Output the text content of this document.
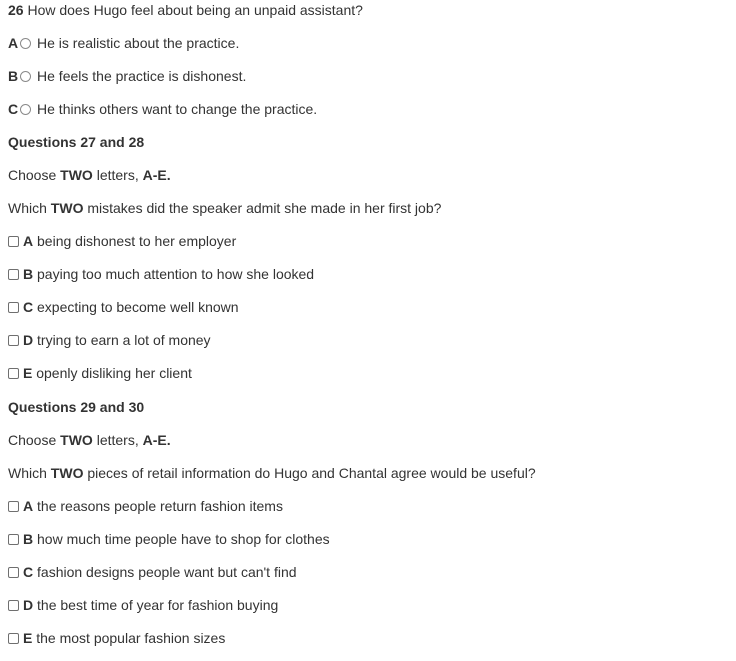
26 How does Hugo feel about being an unpaid assistant?
A He is realistic about the practice.
B He feels the practice is dishonest.
C He thinks others want to change the practice.
Questions 27 and 28
Choose TWO letters, A-E.
Which TWO mistakes did the speaker admit she made in her first job?
A being dishonest to her employer
B paying too much attention to how she looked
C expecting to become well known
D trying to earn a lot of money
E openly disliking her client
Questions 29 and 30
Choose TWO letters, A-E.
Which TWO pieces of retail information do Hugo and Chantal agree would be useful?
A the reasons people return fashion items
B how much time people have to shop for clothes
C fashion designs people want but can't find
D the best time of year for fashion buying
E the most popular fashion sizes
